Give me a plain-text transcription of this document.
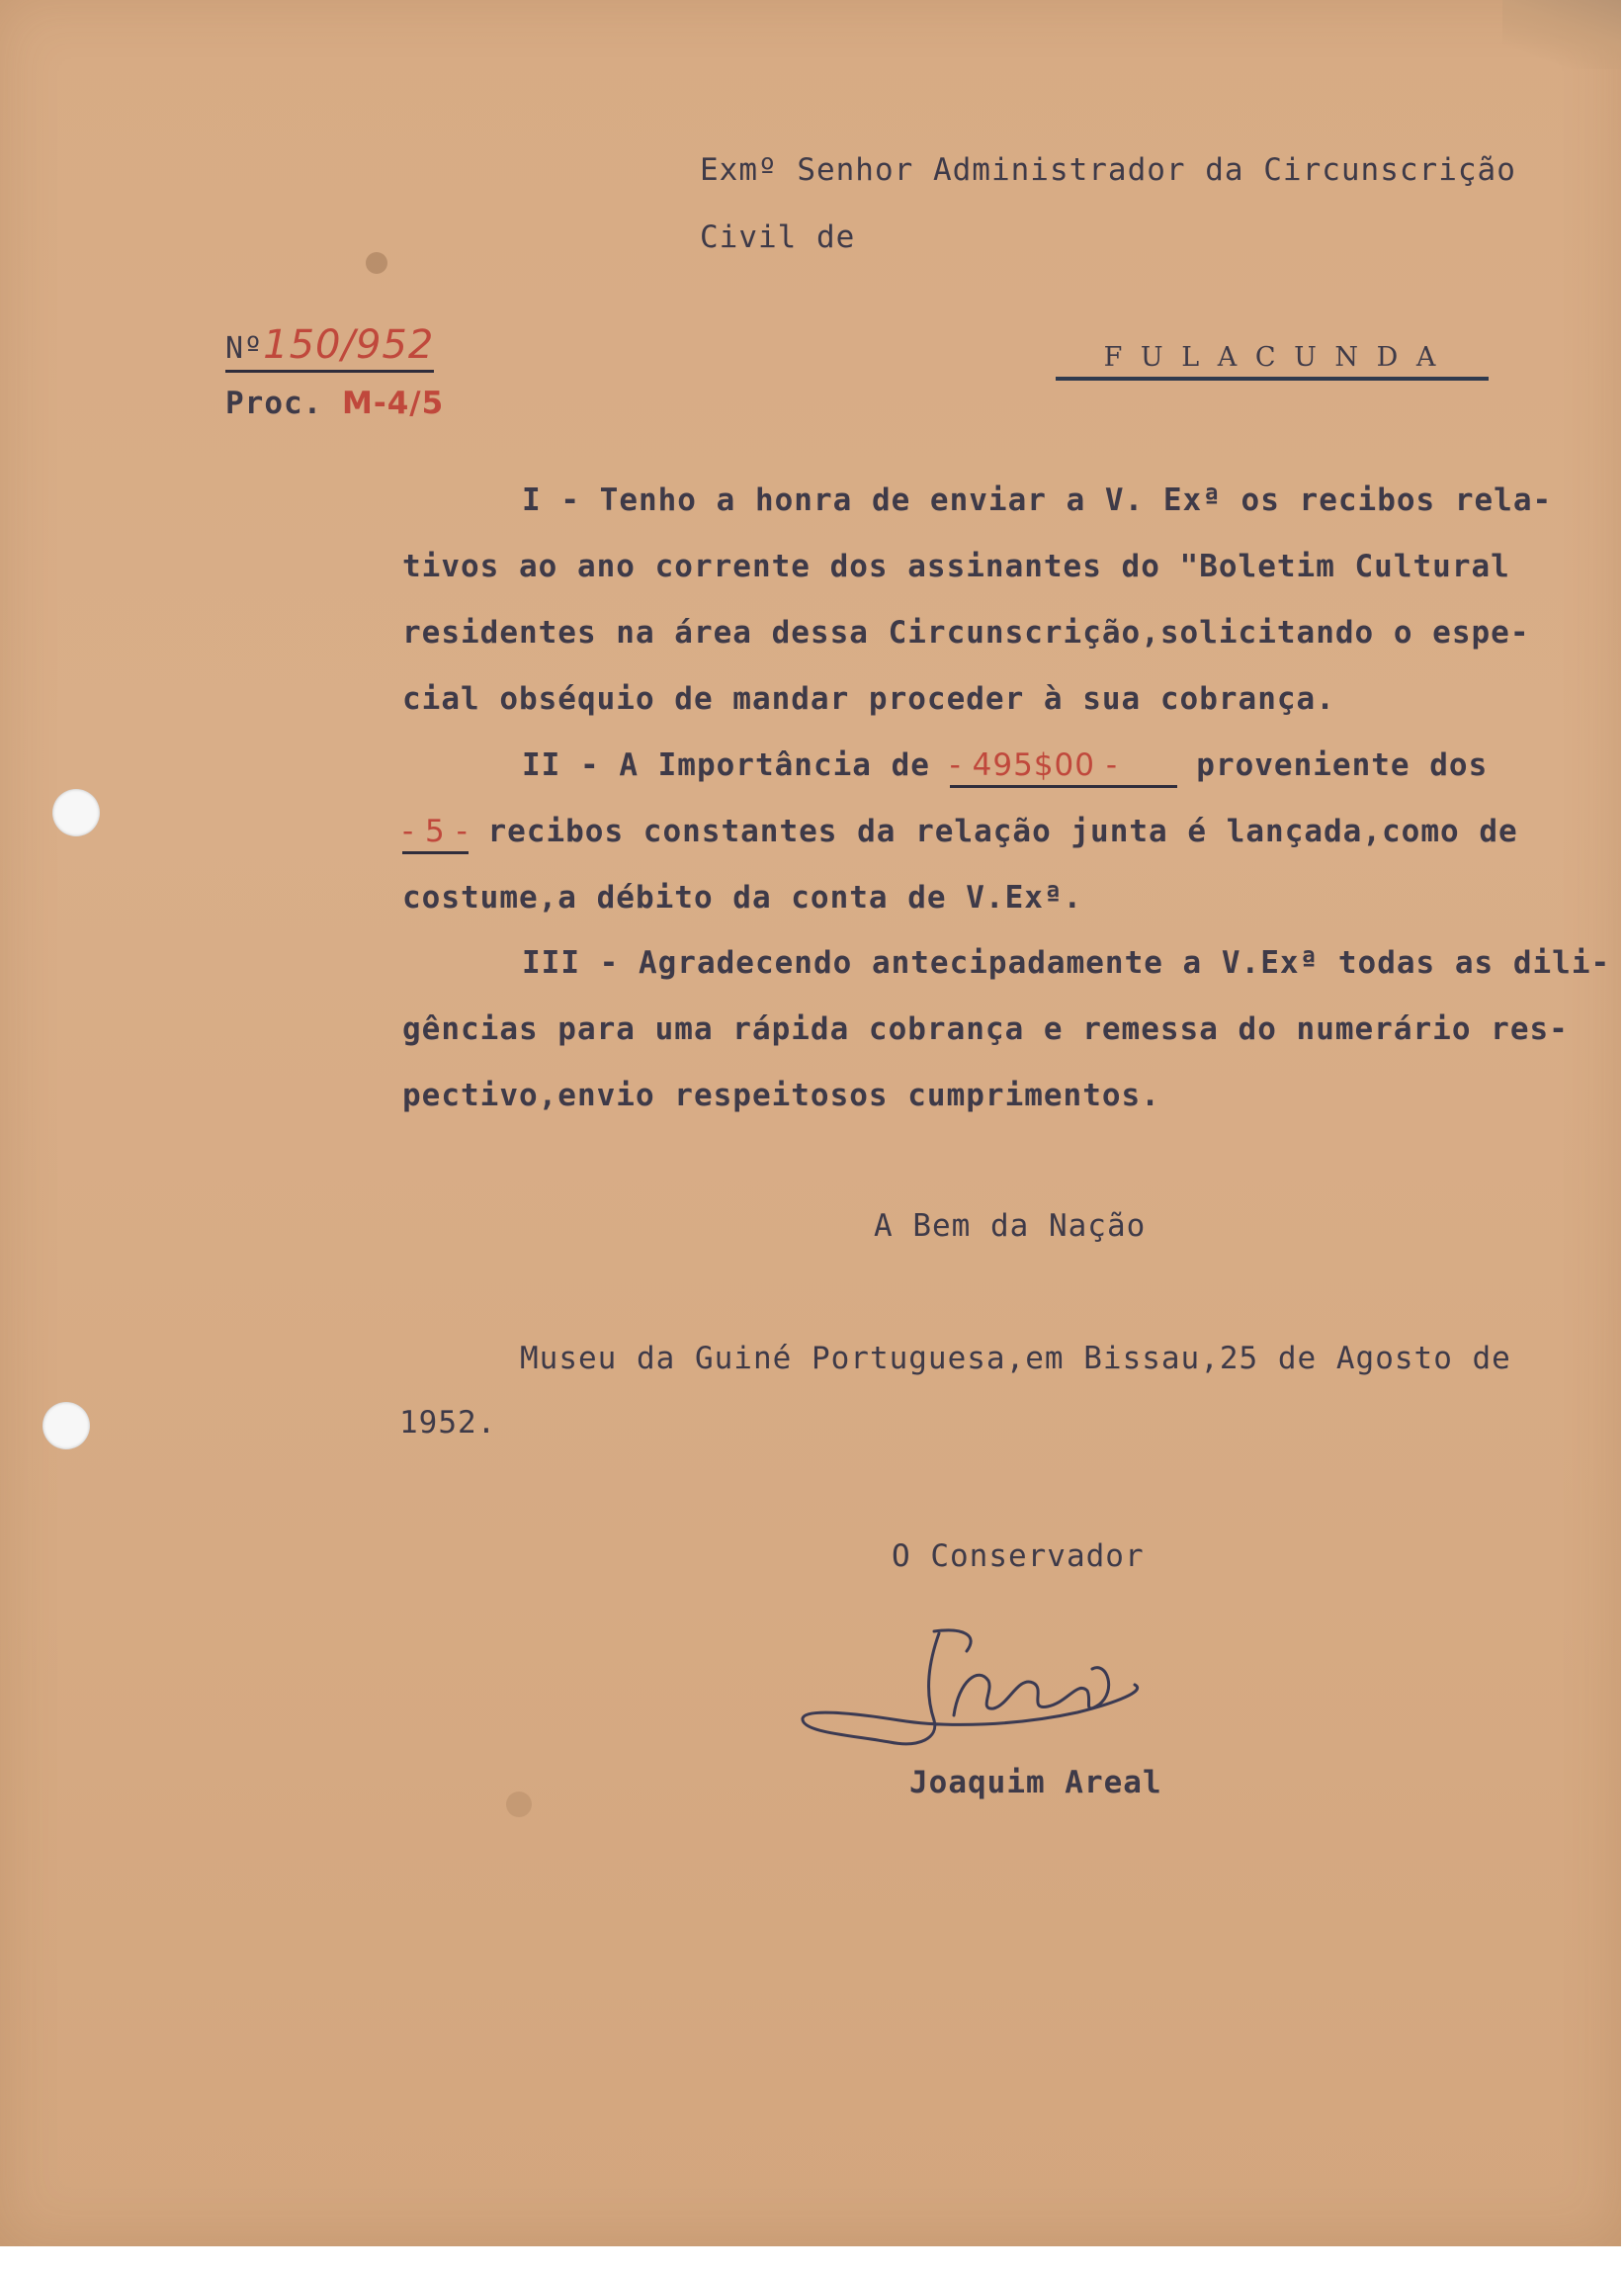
Exmº Senhor Administrador da Circunscrição
Civil de
Nº150/952
Proc. M-4/5
F U L A C U N D A
I - Tenho a honra de enviar a V. Exª os recibos rela-
tivos ao ano corrente dos assinantes do "Boletim Cultural
residentes na área dessa Circunscrição,solicitando o espe-
cial obséquio de mandar proceder à sua cobrança.
II - A Importância de - 495$00 -	proveniente dos
- 5 - recibos constantes da relação junta é lançada,como de
costume,a débito da conta de V.Exª.
III - Agradecendo antecipadamente a V.Exª todas as dili-
gências para uma rápida cobrança e remessa do numerário res-
pectivo,envio respeitosos cumprimentos.
A Bem da Nação
Museu da Guiné Portuguesa,em Bissau,25 de Agosto de
1952.
O Conservador
Joaquim Areal
